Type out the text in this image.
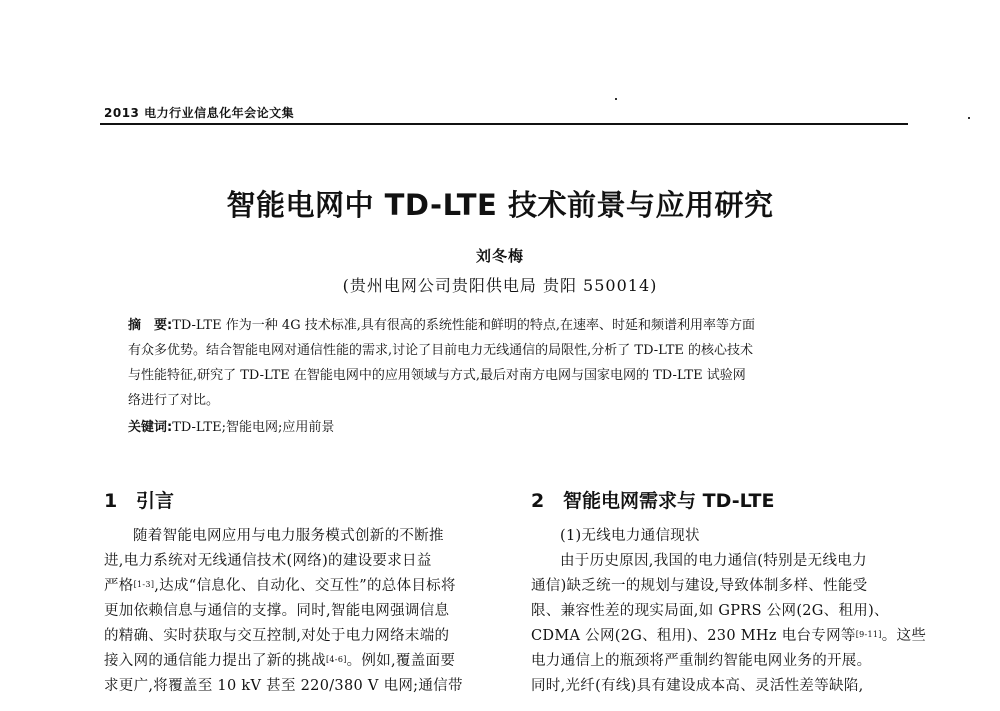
2013 电力行业信息化年会论文集
智能电网中 TD-LTE 技术前景与应用研究
刘冬梅
(贵州电网公司贵阳供电局 贵阳 550014)
摘　要:TD-LTE 作为一种 4G 技术标准,具有很高的系统性能和鲜明的特点,在速率、时延和频谱利用率等方面
有众多优势。结合智能电网对通信性能的需求,讨论了目前电力无线通信的局限性,分析了 TD-LTE 的核心技术
与性能特征,研究了 TD-LTE 在智能电网中的应用领域与方式,最后对南方电网与国家电网的 TD-LTE 试验网
络进行了对比。
关键词:TD-LTE;智能电网;应用前景
1 引言	2 智能电网需求与 TD-LTE
随着智能电网应用与电力服务模式创新的不断推
进,电力系统对无线通信技术(网络)的建设要求日益
严格[1-3],达成“信息化、自动化、交互性”的总体目标将
更加依赖信息与通信的支撑。同时,智能电网强调信息
的精确、实时获取与交互控制,对处于电力网络末端的
接入网的通信能力提出了新的挑战[4-6]。例如,覆盖面要
求更广,将覆盖至 10 kV 甚至 220/380 V 电网;通信带
(1)无线电力通信现状
由于历史原因,我国的电力通信(特别是无线电力
通信)缺乏统一的规划与建设,导致体制多样、性能受
限、兼容性差的现实局面,如 GPRS 公网(2G、租用)、
CDMA 公网(2G、租用)、230 MHz 电台专网等[9-11]。这些
电力通信上的瓶颈将严重制约智能电网业务的开展。
同时,光纤(有线)具有建设成本高、灵活性差等缺陷,
